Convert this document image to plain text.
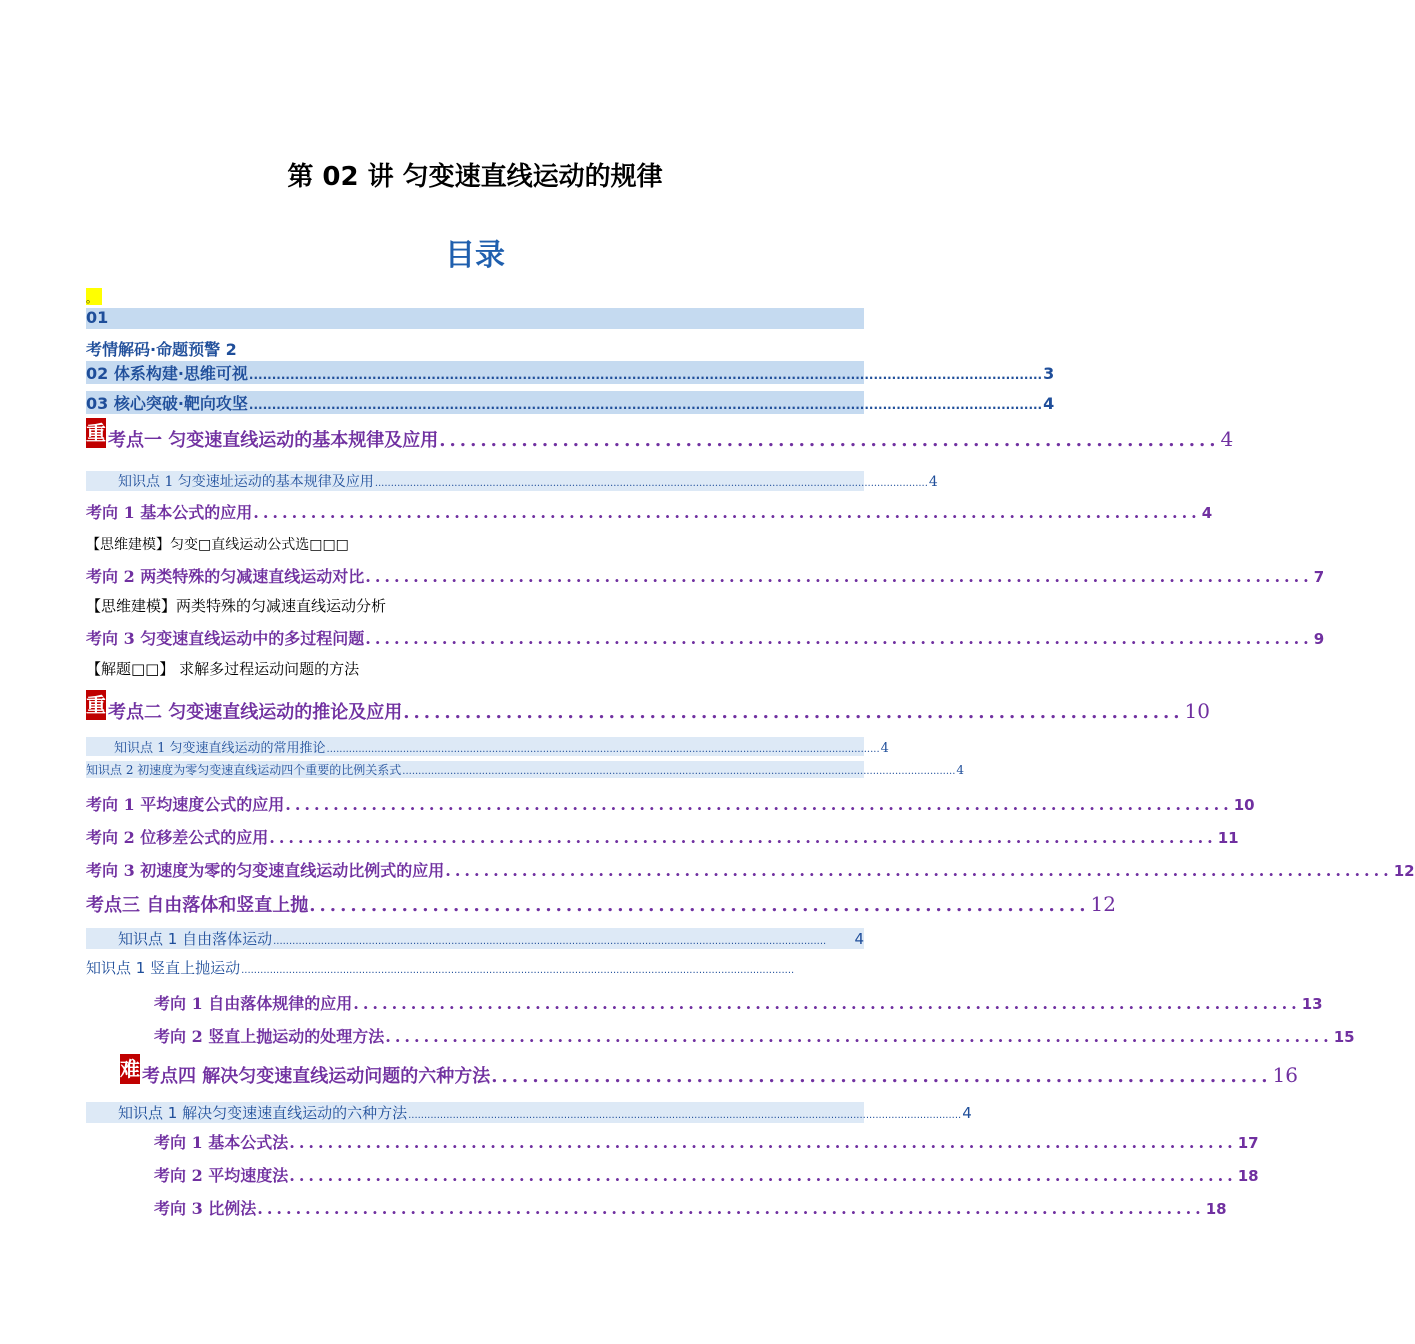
第 02 讲 匀变速直线运动的规律
目录
。
01
考情解码·命题预警 2
02 体系构建·思维可视 .............................................................................................................................................................................. 3
03 核心突破·靶向攻坚 .............................................................................................................................................................................. 4
重 考点一 匀变速直线运动的基本规律及应用 ............................................................................ 4
知识点 1 匀变速址运动的基本规律及应用 .............................................................................................................................................................................. 4
考向 1 基本公式的应用 ................................................................................................... 4
【思维建模】匀变□直线运动公式选□□□
考向 2 两类特殊的匀减速直线运动对比 ................................................................................................... 7
【思维建模】两类特殊的匀减速直线运动分析
考向 3 匀变速直线运动中的多过程问题 ................................................................................................... 9
【解题□□】 求解多过程运动问题的方法
重 考点二 匀变速直线运动的推论及应用 ............................................................................ 10
知识点 1 匀变速直线运动的常用推论 .............................................................................................................................................................................. 4
知识点 2 初速度为零匀变速直线运动四个重要的比例关系式 .............................................................................................................................................................................. 4
考向 1 平均速度公式的应用 ................................................................................................... 10
考向 2 位移差公式的应用 ................................................................................................... 11
考向 3 初速度为零的匀变速直线运动比例式的应用 ................................................................................................... 12
考点三 自由落体和竖直上抛 ............................................................................ 12
知识点 1 自由落体运动 ..............................................................................................................................................................................	4
知识点 1 竖直上抛运动 ..............................................................................................................................................................................
考向 1 自由落体规律的应用 ................................................................................................... 13
考向 2 竖直上抛运动的处理方法 ................................................................................................... 15
难 考点四 解决匀变速直线运动问题的六种方法 ............................................................................ 16
知识点 1 解决匀变速速直线运动的六种方法 .............................................................................................................................................................................. 4
考向 1 基本公式法 ................................................................................................... 17
考向 2 平均速度法 ................................................................................................... 18
考向 3 比例法 ................................................................................................... 18
